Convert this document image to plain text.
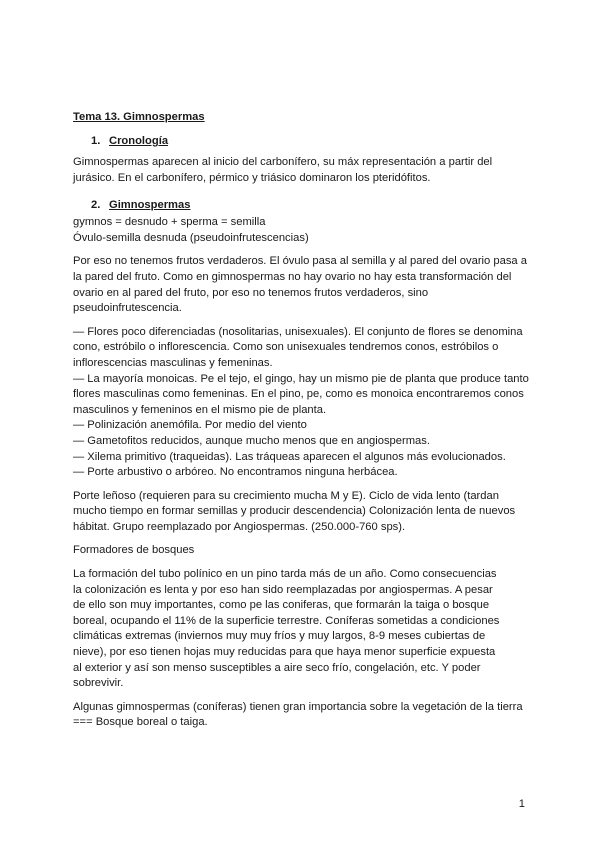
Tema 13. Gimnospermas
1. Cronología
Gimnospermas aparecen al inicio del carbonífero, su máx representación a partir del
jurásico. En el carbonífero, pérmico y triásico dominaron los pteridófitos.
2. Gimnospermas
gymnos = desnudo + sperma = semilla
Óvulo-semilla desnuda (pseudoinfrutescencias)
Por eso no tenemos frutos verdaderos. El óvulo pasa al semilla y al pared del ovario pasa a
la pared del fruto. Como en gimnospermas no hay ovario no hay esta transformación del
ovario en al pared del fruto, por eso no tenemos frutos verdaderos, sino
pseudoinfrutescencia.
— Flores poco diferenciadas (nosolitarias, unisexuales). El conjunto de flores se denomina
cono, estróbilo o inflorescencia. Como son unisexuales tendremos conos, estróbilos o
inflorescencias masculinas y femeninas.
— La mayoría monoicas. Pe el tejo, el gingo, hay un mismo pie de planta que produce tanto
flores masculinas como femeninas. En el pino, pe, como es monoica encontraremos conos
masculinos y femeninos en el mismo pie de planta.
— Polinización anemófila. Por medio del viento
— Gametofitos reducidos, aunque mucho menos que en angiospermas.
— Xilema primitivo (traqueidas). Las tráqueas aparecen el algunos más evolucionados.
— Porte arbustivo o arbóreo. No encontramos ninguna herbácea.
Porte leñoso (requieren para su crecimiento mucha M y E). Ciclo de vida lento (tardan
mucho tiempo en formar semillas y producir descendencia) Colonización lenta de nuevos
hábitat. Grupo reemplazado por Angiospermas. (250.000-760 sps).
Formadores de bosques
La formación del tubo polínico en un pino tarda más de un año. Como consecuencias
la colonización es lenta y por eso han sido reemplazadas por angiospermas. A pesar
de ello son muy importantes, como pe las coniferas, que formarán la taiga o bosque
boreal, ocupando el 11% de la superficie terrestre. Coníferas sometidas a condiciones
climáticas extremas (inviernos muy muy fríos y muy largos, 8-9 meses cubiertas de
nieve), por eso tienen hojas muy reducidas para que haya menor superficie expuesta
al exterior y así son menso susceptibles a aire seco frío, congelación, etc. Y poder
sobrevivir.
Algunas gimnospermas (coníferas) tienen gran importancia sobre la vegetación de la tierra
=== Bosque boreal o taiga.
1
